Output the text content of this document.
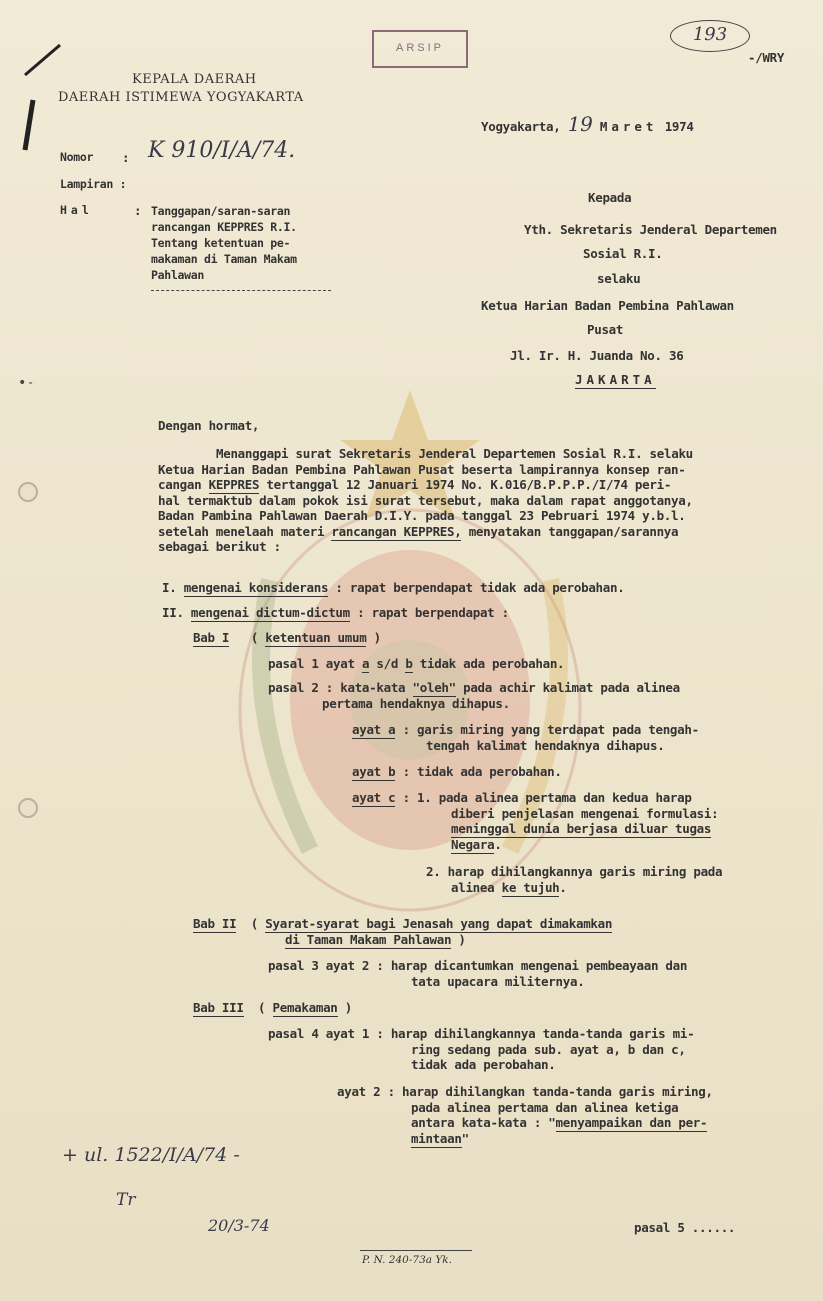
•˗
ARSIP
193
-/WRY
KEPALA DAERAH
DAERAH ISTIMEWA YOGYAKARTA
Yogyakarta, 19 Maret 1974
Nomor : K 910/I/A/74.
Lampiran :
Hal	: Tanggapan/saran-saran
rancangan KEPPRES R.I.
Tentang ketentuan pe-
makaman di Taman Makam
Pahlawan
Kepada
Yth. Sekretaris Jenderal Departemen
Sosial R.I.
selaku
Ketua Harian Badan Pembina Pahlawan
Pusat
Jl. Ir. H. Juanda No. 36
JAKARTA
Dengan hormat,
Menanggapi surat Sekretaris Jenderal Departemen Sosial R.I. selaku
Ketua Harian Badan Pembina Pahlawan Pusat beserta lampirannya konsep ran-
cangan KEPPRES tertanggal 12 Januari 1974 No. K.016/B.P.P.P./I/74 peri-
hal termaktub dalam pokok isi surat tersebut, maka dalam rapat anggotanya,
Badan Pambina Pahlawan Daerah D.I.Y. pada tanggal 23 Pebruari 1974 y.b.l.
setelah menelaah materi rancangan KEPPRES, menyatakan tanggapan/sarannya
sebagai berikut :
I. mengenai konsiderans : rapat berpendapat tidak ada perobahan.
II. mengenai dictum-dictum : rapat berpendapat :
Bab I   ( ketentuan umum )
pasal 1 ayat a s/d b tidak ada perobahan.
pasal 2 : kata-kata "oleh" pada achir kalimat pada alinea
pertama hendaknya dihapus.
ayat a : garis miring yang terdapat pada tengah-
tengah kalimat hendaknya dihapus.
ayat b : tidak ada perobahan.
ayat c : 1. pada alinea pertama dan kedua harap
diberi penjelasan mengenai formulasi:
meninggal dunia berjasa diluar tugas
Negara.
2. harap dihilangkannya garis miring pada
alinea ke tujuh.
Bab II  ( Syarat-syarat bagi Jenasah yang dapat dimakamkan
di Taman Makam Pahlawan )
pasal 3 ayat 2 : harap dicantumkan mengenai pembeayaan dan
tata upacara militernya.
Bab III  ( Pemakaman )
pasal 4 ayat 1 : harap dihilangkannya tanda-tanda garis mi-
ring sedang pada sub. ayat a, b dan c,
tidak ada perobahan.
ayat 2 : harap dihilangkan tanda-tanda garis miring,
pada alinea pertama dan alinea ketiga
antara kata-kata : "menyampaikan dan per-
mintaan"
+ ul. 1522/I/A/74 -
Tr
20/3-74	pasal 5 ......
P. N. 240-73a Yk.
